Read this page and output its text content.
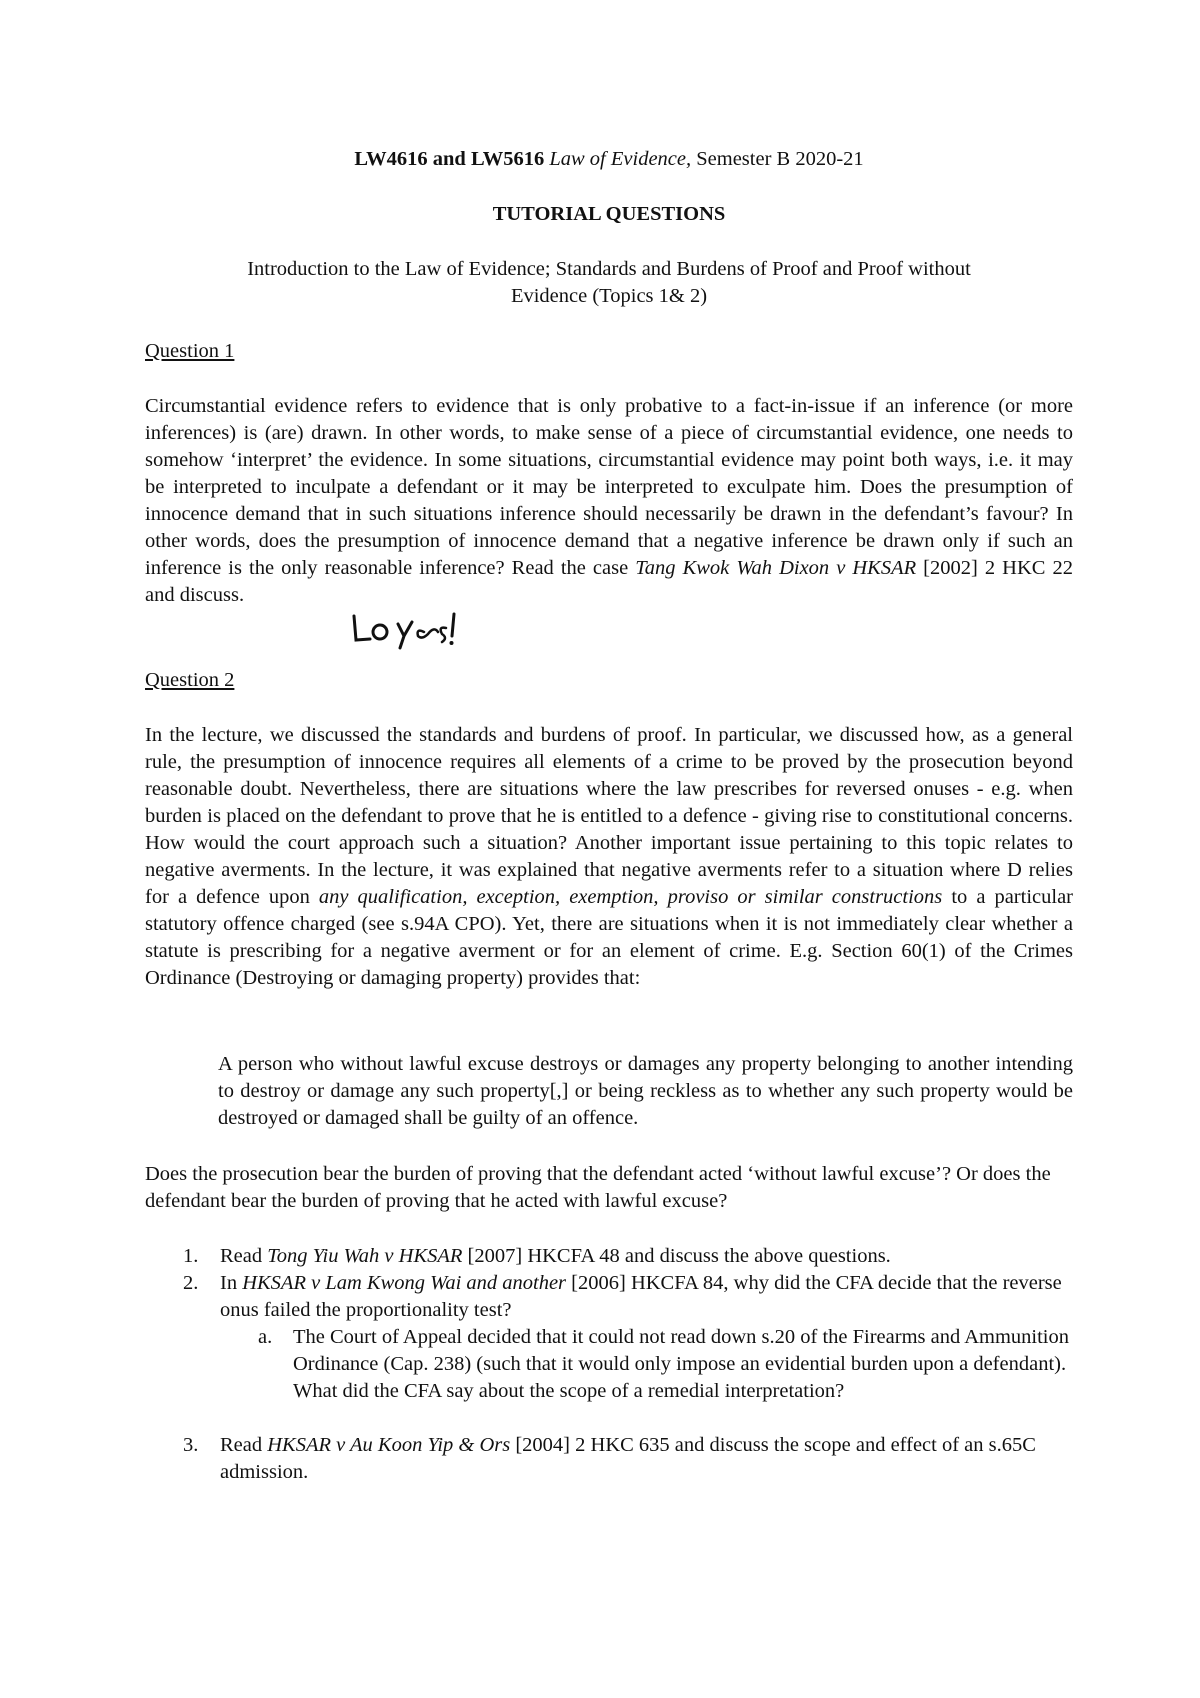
LW4616 and LW5616 Law of Evidence, Semester B 2020-21
TUTORIAL QUESTIONS
Introduction to the Law of Evidence; Standards and Burdens of Proof and Proof without
Evidence (Topics 1& 2)
Question 1
Circumstantial evidence refers to evidence that is only probative to a fact-in-issue if an inference (or more inferences) is (are) drawn. In other words, to make sense of a piece of circumstantial evidence, one needs to somehow ‘interpret’ the evidence. In some situations, circumstantial evidence may point both ways, i.e. it may be interpreted to inculpate a defendant or it may be interpreted to exculpate him. Does the presumption of innocence demand that in such situations inference should necessarily be drawn in the defendant’s favour? In other words, does the presumption of innocence demand that a negative inference be drawn only if such an inference is the only reasonable inference? Read the case Tang Kwok Wah Dixon v HKSAR [2002] 2 HKC 22 and discuss.
Question 2
In the lecture, we discussed the standards and burdens of proof. In particular, we discussed how, as a general rule, the presumption of innocence requires all elements of a crime to be proved by the prosecution beyond reasonable doubt. Nevertheless, there are situations where the law prescribes for reversed onuses - e.g. when burden is placed on the defendant to prove that he is entitled to a defence - giving rise to constitutional concerns. How would the court approach such a situation? Another important issue pertaining to this topic relates to negative averments. In the lecture, it was explained that negative averments refer to a situation where D relies for a defence upon any qualification, exception, exemption, proviso or similar constructions to a particular statutory offence charged (see s.94A CPO). Yet, there are situations when it is not immediately clear whether a statute is prescribing for a negative averment or for an element of crime. E.g. Section 60(1) of the Crimes Ordinance (Destroying or damaging property) provides that:
A person who without lawful excuse destroys or damages any property belonging to another intending to destroy or damage any such property[,] or being reckless as to whether any such property would be destroyed or damaged shall be guilty of an offence.
Does the prosecution bear the burden of proving that the defendant acted ‘without lawful excuse’? Or does the defendant bear the burden of proving that he acted with lawful excuse?
1.	Read Tong Yiu Wah v HKSAR [2007] HKCFA 48 and discuss the above questions.
2.	In HKSAR v Lam Kwong Wai and another [2006] HKCFA 84, why did the CFA decide that the reverse onus failed the proportionality test?
a. The Court of Appeal decided that it could not read down s.20 of the Firearms and Ammunition Ordinance (Cap. 238) (such that it would only impose an evidential burden upon a defendant). What did the CFA say about the scope of a remedial interpretation?
3.	Read HKSAR v Au Koon Yip & Ors [2004] 2 HKC 635 and discuss the scope and effect of an s.65C admission.
